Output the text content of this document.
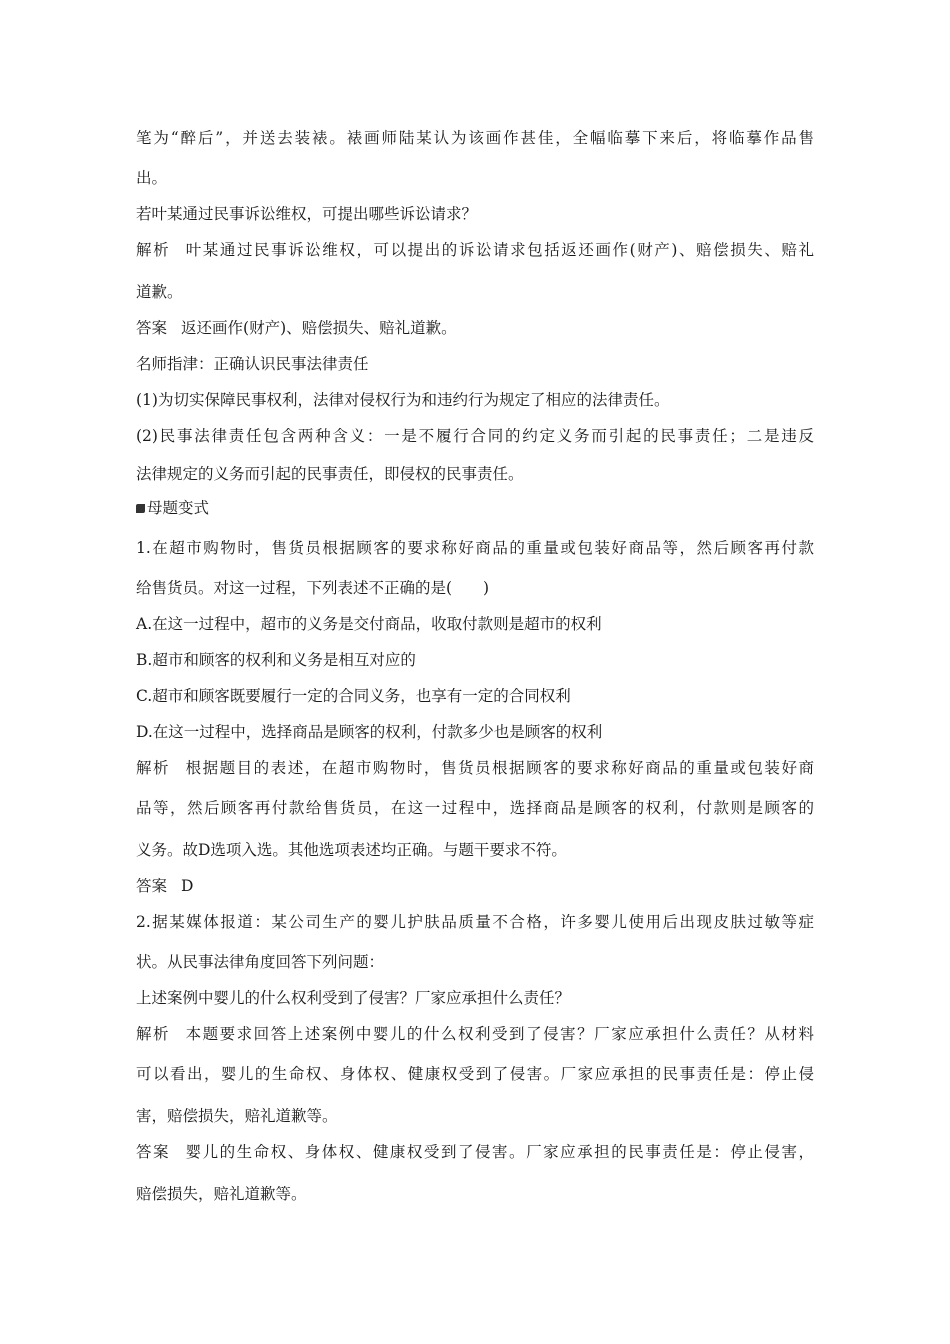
笔为“醉后”，并送去装裱。裱画师陆某认为该画作甚佳，全幅临摹下来后，将临摹作品售
出。
若叶某通过民事诉讼维权，可提出哪些诉讼请求？
解析 叶某通过民事诉讼维权，可以提出的诉讼请求包括返还画作(财产)、赔偿损失、赔礼
道歉。
答案 返还画作(财产)、赔偿损失、赔礼道歉。
名师指津：正确认识民事法律责任
(1)为切实保障民事权利，法律对侵权行为和违约行为规定了相应的法律责任。
(2)民事法律责任包含两种含义：一是不履行合同的约定义务而引起的民事责任；二是违反
法律规定的义务而引起的民事责任，即侵权的民事责任。
母题变式
1.在超市购物时，售货员根据顾客的要求称好商品的重量或包装好商品等，然后顾客再付款
给售货员。对这一过程，下列表述不正确的是(　　)
A.在这一过程中，超市的义务是交付商品，收取付款则是超市的权利
B.超市和顾客的权利和义务是相互对应的
C.超市和顾客既要履行一定的合同义务，也享有一定的合同权利
D.在这一过程中，选择商品是顾客的权利，付款多少也是顾客的权利
解析 根据题目的表述，在超市购物时，售货员根据顾客的要求称好商品的重量或包装好商
品等，然后顾客再付款给售货员，在这一过程中，选择商品是顾客的权利，付款则是顾客的
义务。故D选项入选。其他选项表述均正确。与题干要求不符。
答案 D
2.据某媒体报道：某公司生产的婴儿护肤品质量不合格，许多婴儿使用后出现皮肤过敏等症
状。从民事法律角度回答下列问题：
上述案例中婴儿的什么权利受到了侵害？厂家应承担什么责任？
解析 本题要求回答上述案例中婴儿的什么权利受到了侵害？厂家应承担什么责任？从材料
可以看出，婴儿的生命权、身体权、健康权受到了侵害。厂家应承担的民事责任是：停止侵
害，赔偿损失，赔礼道歉等。
答案 婴儿的生命权、身体权、健康权受到了侵害。厂家应承担的民事责任是：停止侵害，
赔偿损失，赔礼道歉等。
